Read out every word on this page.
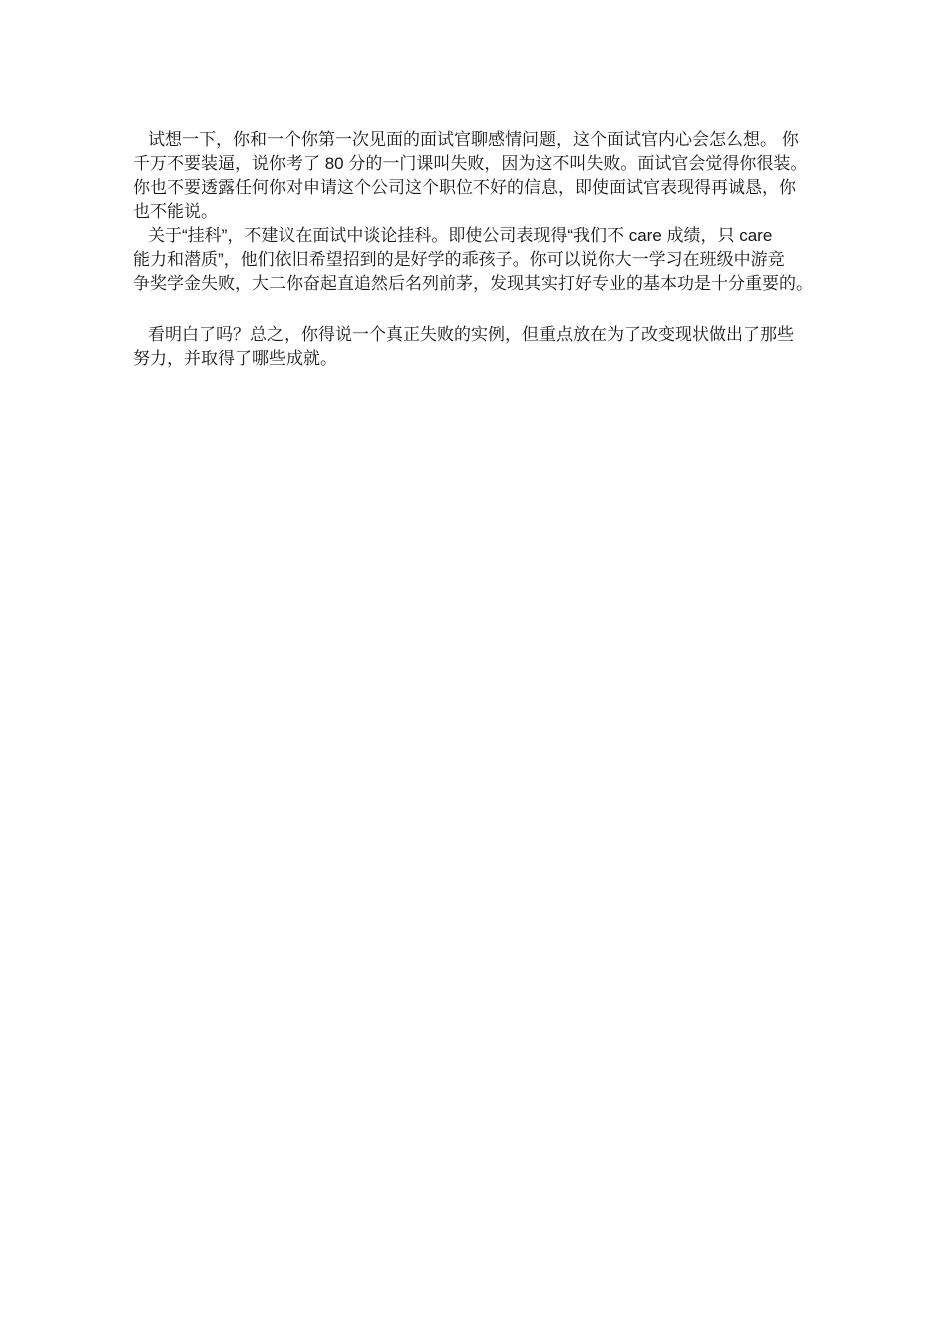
试想一下，你和一个你第一次见面的面试官聊感情问题，这个面试官内心会怎么想。 你
千万不要装逼，说你考了 80 分的一门课叫失败，因为这不叫失败。面试官会觉得你很装。
你也不要透露任何你对申请这个公司这个职位不好的信息，即使面试官表现得再诚恳，你
也不能说。
关于“挂科”，不建议在面试中谈论挂科。即使公司表现得“我们不 care 成绩，只 care
能力和潜质”，他们依旧希望招到的是好学的乖孩子。你可以说你大一学习在班级中游竞
争奖学金失败，大二你奋起直追然后名列前茅，发现其实打好专业的基本功是十分重要的。
看明白了吗？总之，你得说一个真正失败的实例，但重点放在为了改变现状做出了那些
努力，并取得了哪些成就。
